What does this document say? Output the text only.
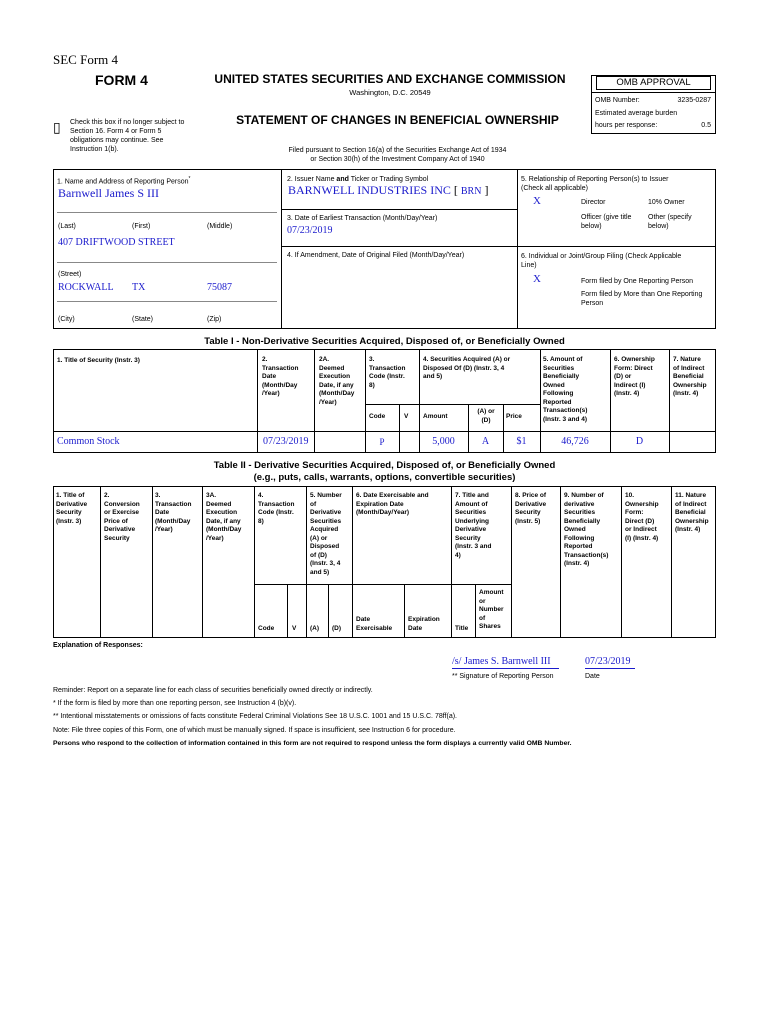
SEC Form 4
FORM 4	UNITED STATES SECURITIES AND EXCHANGE COMMISSION
Washington, D.C. 20549
▯ Check this box if no longer subject to Section 16. Form 4 or Form 5 obligations may continue. See Instruction 1(b).
STATEMENT OF CHANGES IN BENEFICIAL OWNERSHIP
Filed pursuant to Section 16(a) of the Securities Exchange Act of 1934
or Section 30(h) of the Investment Company Act of 1940
OMB APPROVAL
OMB Number:	3235-0287
Estimated average burden
hours per response:	0.5
1. Name and Address of Reporting Person*
Barnwell James S III
(Last)	(First)	(Middle)
407 DRIFTWOOD STREET
(Street)
ROCKWALL TX	75087
(City)	(State)	(Zip)
2. Issuer Name and Ticker or Trading Symbol
BARNWELL INDUSTRIES INC [ BRN ]
3. Date of Earliest Transaction (Month/Day/Year)
07/23/2019
4. If Amendment, Date of Original Filed (Month/Day/Year)
5. Relationship of Reporting Person(s) to Issuer
(Check all applicable)
X	Director	10% Owner
Officer (give title
below)
Other (specify
below)
6. Individual or Joint/Group Filing (Check Applicable
Line)
X	Form filed by One Reporting Person
Form filed by More than One Reporting
Person
Table I - Non-Derivative Securities Acquired, Disposed of, or Beneficially Owned
1. Title of Security (Instr. 3)	2.
Transaction
Date
(Month/Day
/Year)
2A.
Deemed
Execution
Date, if any
(Month/Day
/Year)
3.
Transaction
Code (Instr.
8)
4. Securities Acquired (A) or
Disposed Of (D) (Instr. 3, 4
and 5)
5. Amount of
Securities
Beneficially
Owned
Following
Reported
Transaction(s)
(Instr. 3 and 4)
6. Ownership
Form: Direct
(D) or
Indirect (I)
(Instr. 4)
7. Nature
of Indirect
Beneficial
Ownership
(Instr. 4)
Code	V Amount
(A) or
(D)	Price
Common Stock	07/23/2019	P	5,000	A	$1	46,726	D
Table II - Derivative Securities Acquired, Disposed of, or Beneficially Owned
(e.g., puts, calls, warrants, options, convertible securities)
1. Title of
Derivative
Security
(Instr. 3)
2.
Conversion
or Exercise
Price of
Derivative
Security
3.
Transaction
Date
(Month/Day
/Year)
3A.
Deemed
Execution
Date, if any
(Month/Day
/Year)
4.
Transaction
Code (Instr.
8)
5. Number
of
Derivative
Securities
Acquired
(A) or
Disposed
of (D)
(Instr. 3, 4
and 5)
6. Date Exercisable and
Expiration Date
(Month/Day/Year)
7. Title and
Amount of
Securities
Underlying
Derivative
Security
(Instr. 3 and
4)
8. Price of
Derivative
Security
(Instr. 5)
9. Number of
derivative
Securities
Beneficially
Owned
Following
Reported
Transaction(s)
(Instr. 4)
10.
Ownership
Form:
Direct (D)
or Indirect
(I) (Instr. 4)
11. Nature
of Indirect
Beneficial
Ownership
(Instr. 4)
Code	V (A) (D)
Date
Exercisable
Expiration
Date	Title
Amount
or
Number
of
Shares
Explanation of Responses:
/s/ James S. Barnwell III	07/23/2019
** Signature of Reporting Person	Date
Reminder: Report on a separate line for each class of securities beneficially owned directly or indirectly.
* If the form is filed by more than one reporting person, see Instruction 4 (b)(v).
** Intentional misstatements or omissions of facts constitute Federal Criminal Violations See 18 U.S.C. 1001 and 15 U.S.C. 78ff(a).
Note: File three copies of this Form, one of which must be manually signed. If space is insufficient, see Instruction 6 for procedure.
Persons who respond to the collection of information contained in this form are not required to respond unless the form displays a currently valid OMB Number.
